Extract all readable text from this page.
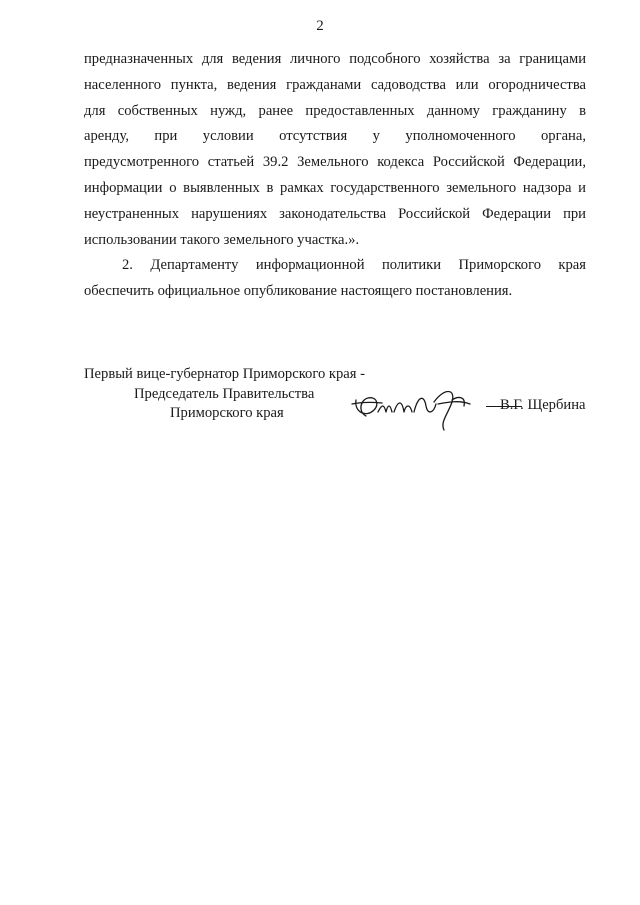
2
предназначенных для ведения личного подсобного хозяйства за границами
населенного пункта, ведения гражданами садоводства или огородничества
для собственных нужд, ранее предоставленных данному гражданину в
аренду, при условии отсутствия у уполномоченного органа,
предусмотренного статьей 39.2 Земельного кодекса Российской Федерации,
информации о выявленных в рамках государственного земельного надзора и
неустраненных нарушениях законодательства Российской Федерации при
использовании такого земельного участка.».
2. Департаменту информационной политики Приморского края
обеспечить официальное опубликование настоящего постановления.
Первый вице-губернатор Приморского края -
Председатель Правительства
Приморского края	В.Г. Щербина
